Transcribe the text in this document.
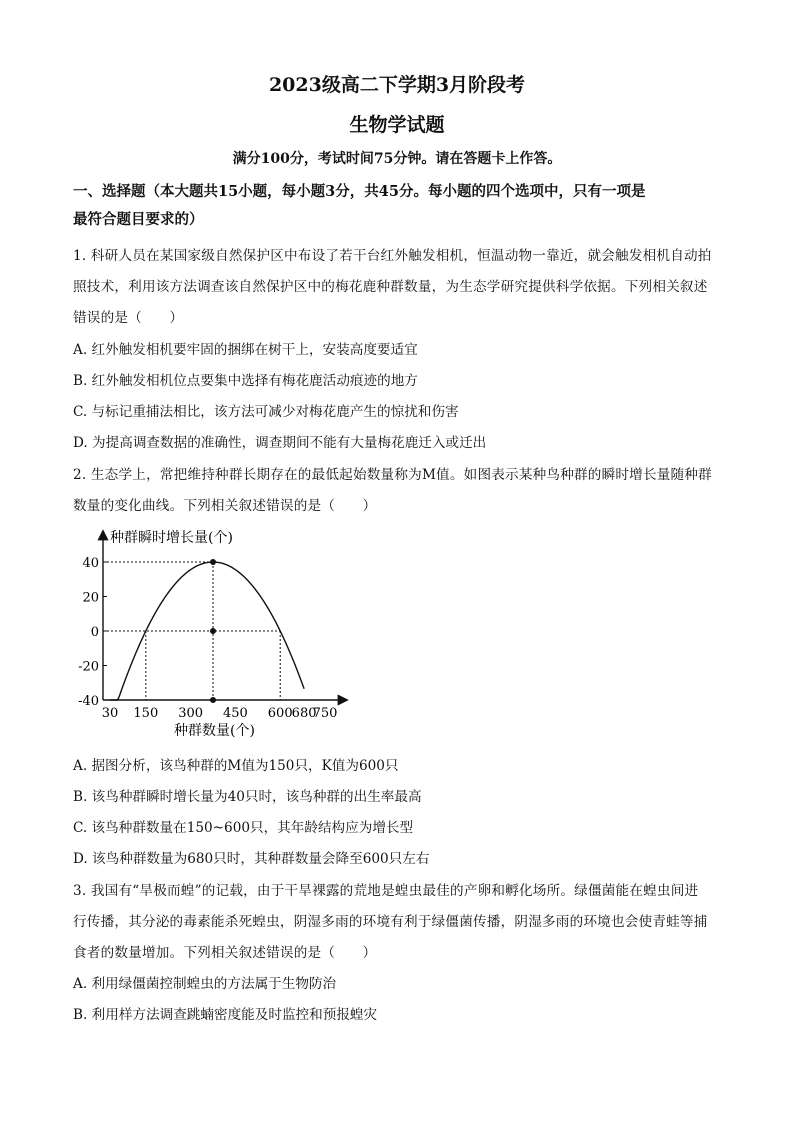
2023级高二下学期3月阶段考
生物学试题
满分100分，考试时间75分钟。请在答题卡上作答。
一、选择题（本大题共15小题，每小题3分，共45分。每小题的四个选项中，只有一项是
最符合题目要求的）
1. 科研人员在某国家级自然保护区中布设了若干台红外触发相机，恒温动物一靠近，就会触发相机自动拍
照技术，利用该方法调查该自然保护区中的梅花鹿种群数量，为生态学研究提供科学依据。下列相关叙述
错误的是（　　）
A. 红外触发相机要牢固的捆绑在树干上，安装高度要适宜
B. 红外触发相机位点要集中选择有梅花鹿活动痕迹的地方
C. 与标记重捕法相比，该方法可减少对梅花鹿产生的惊扰和伤害
D. 为提高调查数据的准确性，调查期间不能有大量梅花鹿迁入或迁出
2. 生态学上，常把维持种群长期存在的最低起始数量称为M值。如图表示某种鸟种群的瞬时增长量随种群
数量的变化曲线。下列相关叙述错误的是（　　）
30 150 300 450 600 680
750
40
20
0
-20
-40
种群瞬时增长量(个)
种群数量(个)
A. 据图分析，该鸟种群的M值为150只，K值为600只
B. 该鸟种群瞬时增长量为40只时，该鸟种群的出生率最高
C. 该鸟种群数量在150~600只，其年龄结构应为增长型
D. 该鸟种群数量为680只时，其种群数量会降至600只左右
3. 我国有“旱极而蝗”的记载，由于干旱裸露的荒地是蝗虫最佳的产卵和孵化场所。绿僵菌能在蝗虫间进
行传播，其分泌的毒素能杀死蝗虫，阴湿多雨的环境有利于绿僵菌传播，阴湿多雨的环境也会使青蛙等捕
食者的数量增加。下列相关叙述错误的是（　　）
A. 利用绿僵菌控制蝗虫的方法属于生物防治
B. 利用样方法调查跳蝻密度能及时监控和预报蝗灾
